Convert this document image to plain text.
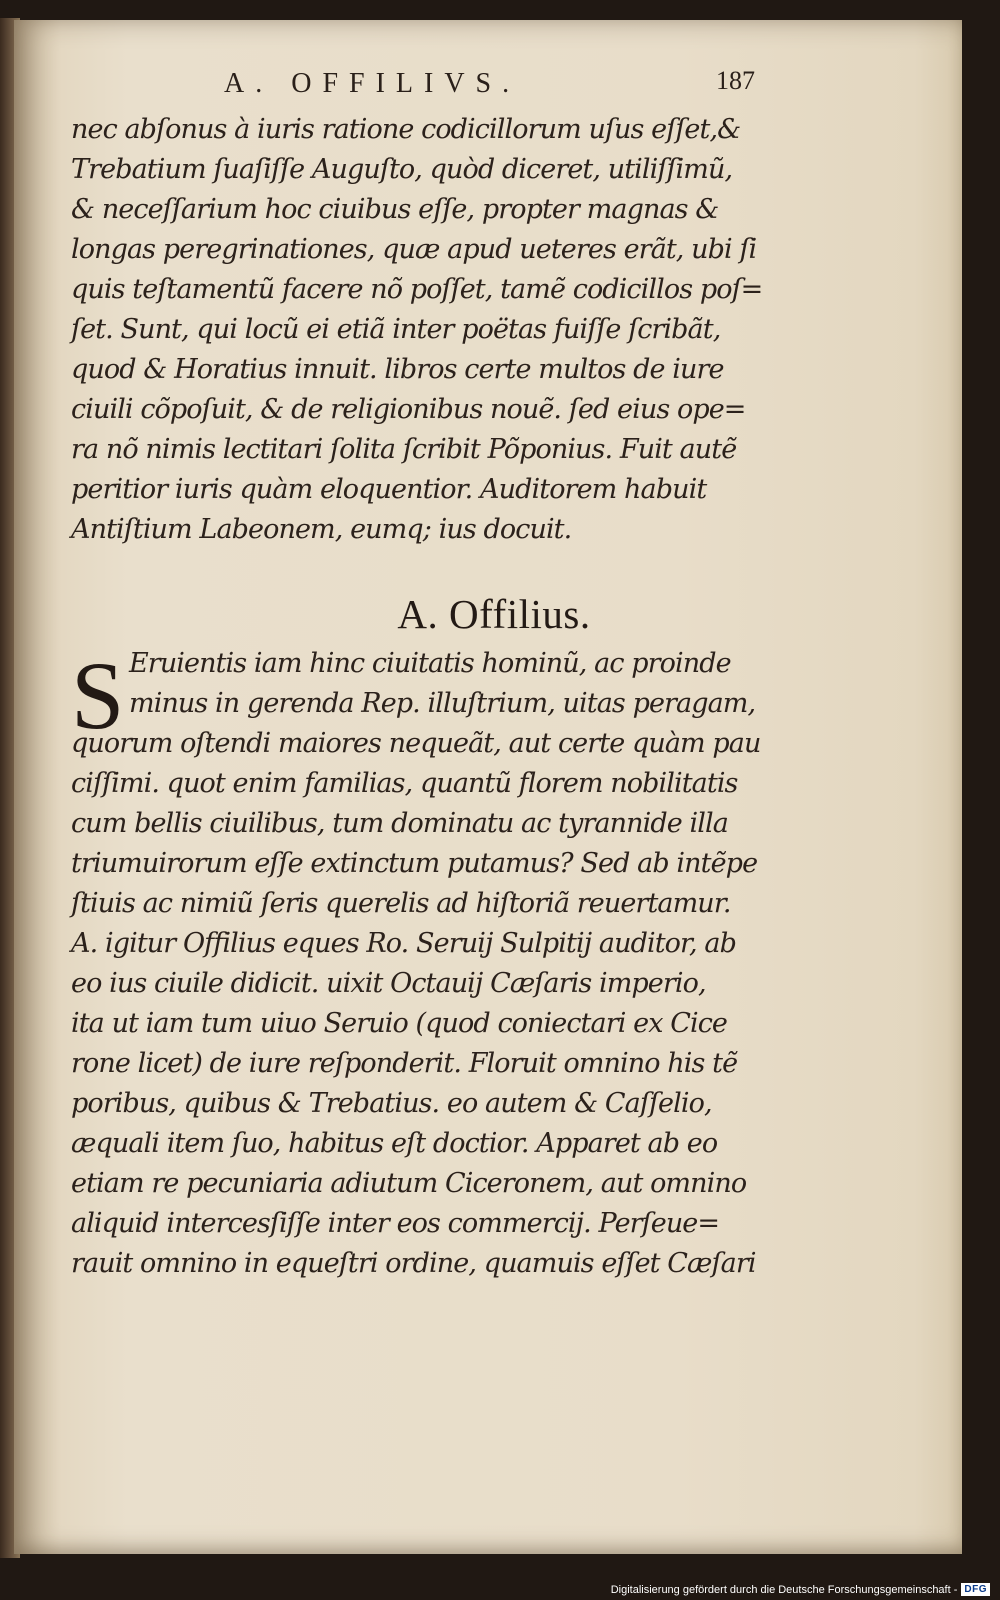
A. OFFILIVS.	187
nec abſonus à iuris ratione codicillorum uſus eſſet,&
Trebatium ſuaſiſſe Auguſto, quòd diceret, utiliſſimũ,
& neceſſarium hoc ciuibus eſſe, propter magnas &
longas peregrinationes, quæ apud ueteres erãt, ubi ſi
quis teſtamentũ facere nõ poſſet, tamẽ codicillos poſ=
ſet. Sunt, qui locũ ei etiã inter poëtas fuiſſe ſcribãt,
quod & Horatius innuit. libros certe multos de iure
ciuili cõpoſuit, & de religionibus nouẽ. ſed eius ope=
ra nõ nimis lectitari ſolita ſcribit Põponius. Fuit autẽ
peritior iuris quàm eloquentior. Auditorem habuit
Antiſtium Labeonem, eumq; ius docuit.
A. Offilius.
S Eruientis iam hinc ciuitatis hominũ, ac proinde
minus in gerenda Rep. illuſtrium, uitas peragam,
quorum oſtendi maiores nequeãt, aut certe quàm pau
ciſſimi. quot enim familias, quantũ florem nobilitatis
cum bellis ciuilibus, tum dominatu ac tyrannide illa
triumuirorum eſſe extinctum putamus? Sed ab intẽpe
ſtiuis ac nimiũ ſeris querelis ad hiſtoriã reuertamur.
A. igitur Offilius eques Ro. Seruij Sulpitij auditor, ab
eo ius ciuile didicit. uixit Octauij Cæſaris imperio,
ita ut iam tum uiuo Seruio (quod coniectari ex Cice
rone licet) de iure reſponderit. Floruit omnino his tẽ
poribus, quibus & Trebatius. eo autem & Caſſelio,
æquali item ſuo, habitus eſt doctior. Apparet ab eo
etiam re pecuniaria adiutum Ciceronem, aut omnino
aliquid intercesſiſſe inter eos commercij. Perſeue=
rauit omnino in equeſtri ordine, quamuis eſſet Cæſari
Digitalisierung gefördert durch die Deutsche Forschungsgemeinschaft - DFG
